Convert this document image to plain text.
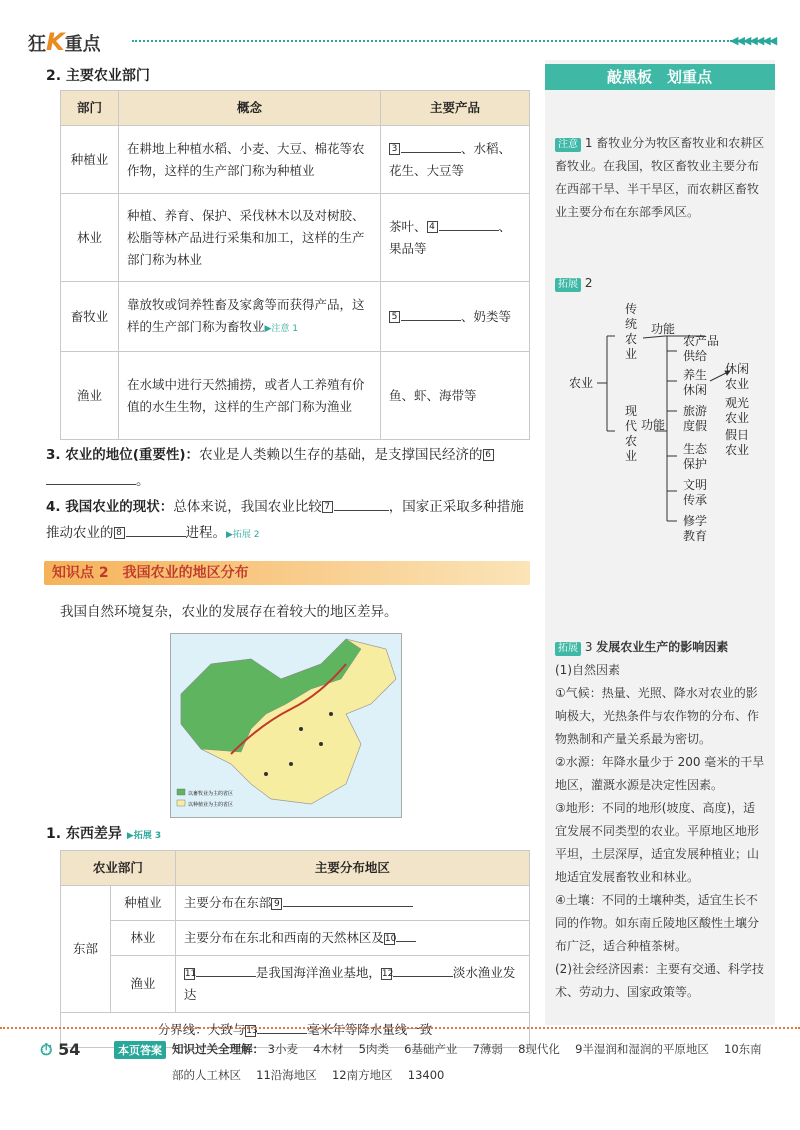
狂K重点	◀◀◀◀◀◀◀
2. 主要农业部门
部门	概念	主要产品
种植业	在耕地上种植水稻、小麦、大豆、棉花等农作物，这样的生产部门称为种植业	3 、水稻、花生、大豆等
林业	种植、养育、保护、采伐林木以及对树胶、松脂等林产品进行采集和加工，这样的生产部门称为林业	茶叶、 4 、果品等
畜牧业	靠放牧或饲养牲畜及家禽等而获得产品，这样的生产部门称为畜牧业▶注意 1	5 、奶类等
渔业	在水域中进行天然捕捞，或者人工养殖有价值的水生生物，这样的生产部门称为渔业	鱼、虾、海带等
3. 农业的地位(重要性)：农业是人类赖以生存的基础，是支撑国民经济的 6。
4. 我国农业的现状：总体来说，我国农业比较 7	，国家正采取多种措施推动农业的 8	进程。▶拓展 2
知识点 2　我国农业的地区分布
我国自然环境复杂，农业的发展存在着较大的地区差异。
以畜牧业为主的省区
以种植业为主的省区
1. 东西差异 ▶拓展 3
农业部门		主要分布地区
东部	种植业	主要分布在东部 9
	林业	主要分布在东北和西南的天然林区及10
	渔业	11 是我国海洋渔业基地，12 淡水渔业发达
分界线：大致与13 毫米年等降水量线一致		
敲黑板　划重点
注意 1 畜牧业分为牧区畜牧业和农耕区畜牧业。在我国，牧区畜牧业主要分布在西部干旱、半干旱区，而农耕区畜牧业主要分布在东部季风区。
拓展 2
农业
传统农业
现代农业
功能
功能
农产品供给
养生休闲
旅游度假
生态保护
文明传承
修学教育
休闲农业
观光农业
假日农业
拓展 3 发展农业生产的影响因素
(1)自然因素
①气候：热量、光照、降水对农业的影响极大，光热条件与农作物的分布、作物熟制和产量关系最为密切。
②水源：年降水量少于 200 毫米的干旱地区，灌溉水源是决定性因素。
③地形：不同的地形(坡度、高度)，适宜发展不同类型的农业。平原地区地形平坦，土层深厚，适宜发展种植业；山地适宜发展畜牧业和林业。
④土壤：不同的土壤种类，适宜生长不同的作物。如东南丘陵地区酸性土壤分布广泛，适合种植茶树。
(2)社会经济因素：主要有交通、科学技术、劳动力、国家政策等。
⏱ 54	本页答案 知识过关全理解： 3小麦　 4木材　 5肉类　 6基础产业　 7薄弱　 8现代化　 9半湿润和湿润的平原地区　 10东南部的人工林区　 11沿海地区　 12南方地区　 13400
